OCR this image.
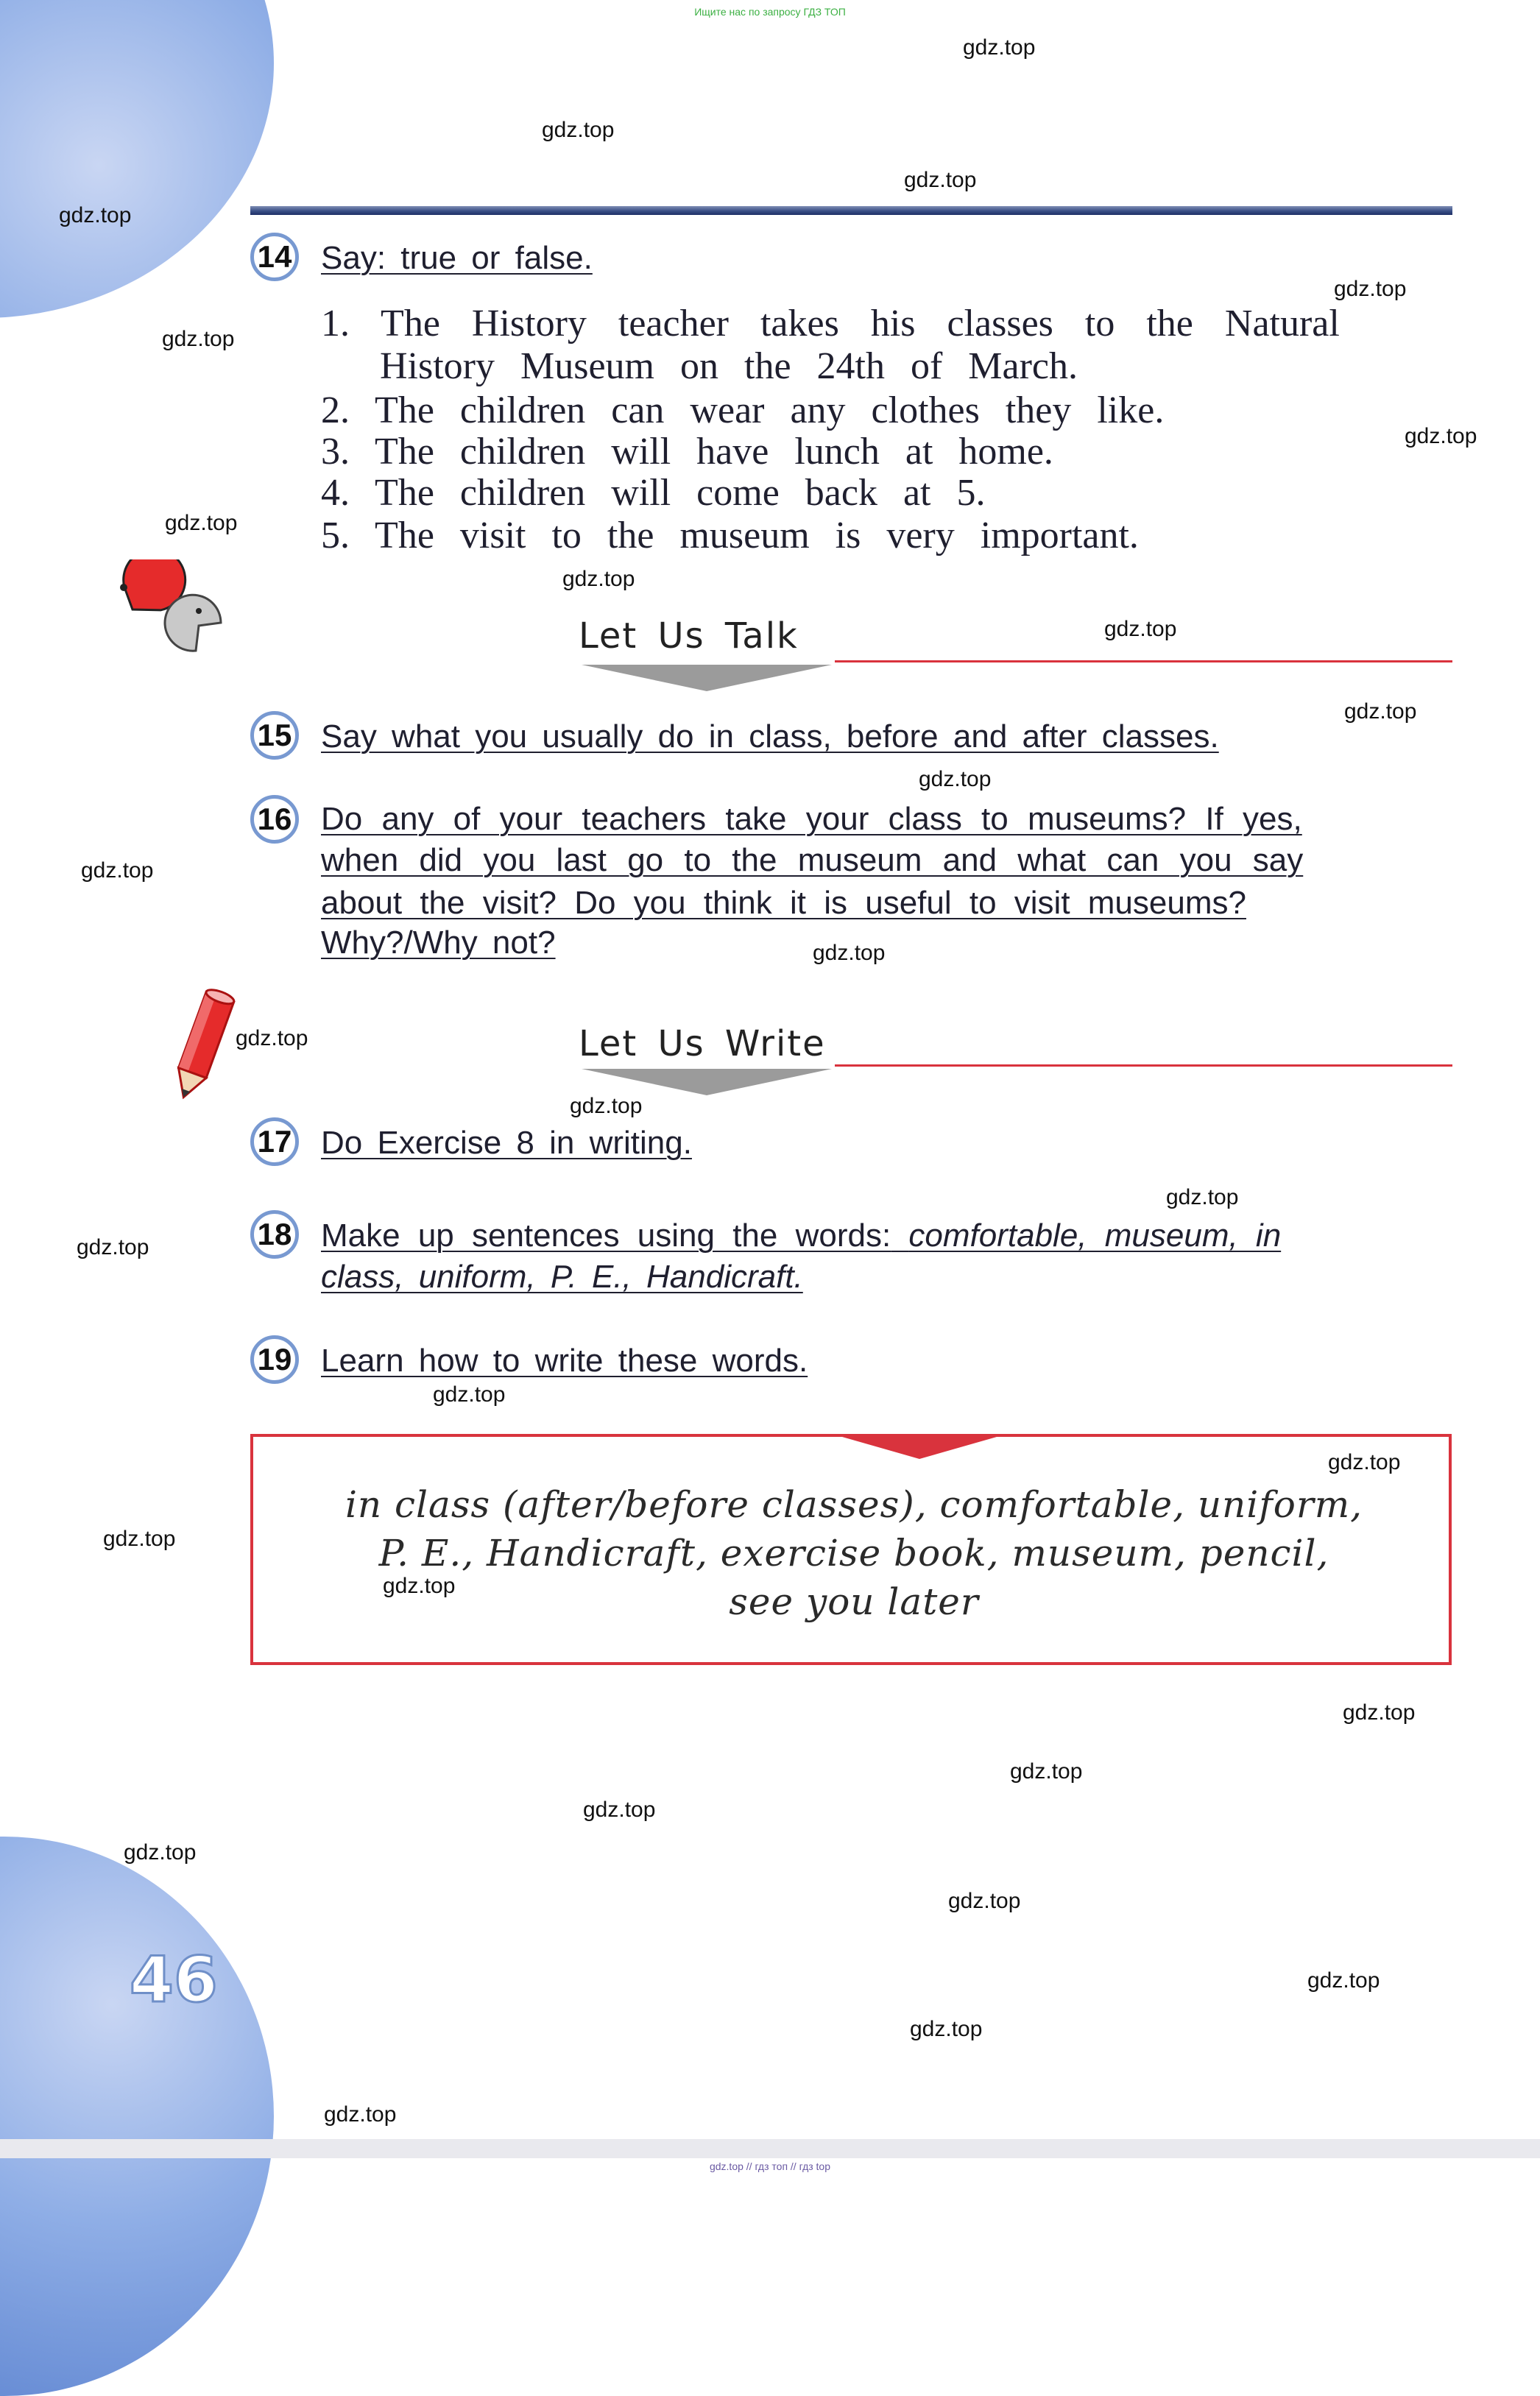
46
Ищите нас по запросу ГДЗ ТОП
gdz.top // гдз топ // гдз top
14 Say: true or false.
1. The History teacher takes his classes to the Natural
History Museum on the 24th of March.
2. The children can wear any clothes they like.
3. The children will have lunch at home.
4. The children will come back at 5.
5. The visit to the museum is very important.
Let Us Talk
15 Say what you usually do in class, before and after classes.
16 Do any of your teachers take your class to museums? If yes,
when did you last go to the museum and what can you say
about the visit? Do you think it is useful to visit museums?
Why?/Why not?
Let Us Write
17 Do Exercise 8 in writing.
18 Make up sentences using the words: comfortable, museum, in
class, uniform, P. E., Handicraft.
19 Learn how to write these words.
in class (after/before classes), comfortable, uniform,
P. E., Handicraft, exercise book, museum, pencil,
see you later
gdz.top
gdz.top
gdz.top
gdz.top
gdz.top
gdz.top
gdz.top
gdz.top
gdz.top
gdz.top
gdz.top
gdz.top
gdz.top
gdz.top
gdz.top
gdz.top
gdz.top
gdz.top
gdz.top
gdz.top
gdz.top
gdz.top
gdz.top
gdz.top
gdz.top
gdz.top
gdz.top
gdz.top
gdz.top
gdz.top
